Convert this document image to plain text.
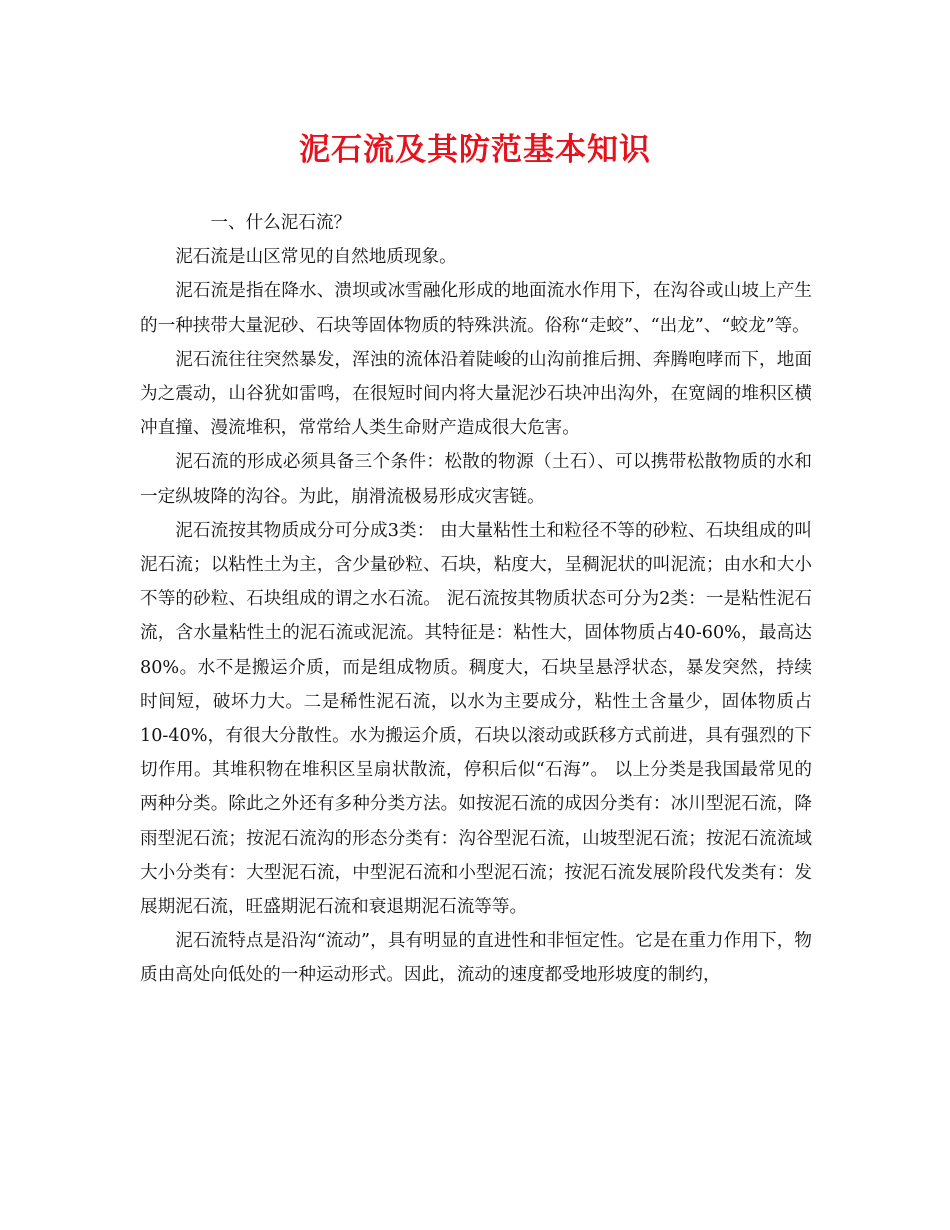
泥石流及其防范基本知识

一、什么泥石流？

泥石流是山区常见的自然地质现象。

泥石流是指在降水、溃坝或冰雪融化形成的地面流水作用下，在沟谷或山坡上产生的一种挟带大量泥砂、石块等固体物质的特殊洪流。俗称“走蛟”、“出龙”、“蛟龙”等。

泥石流往往突然暴发，浑浊的流体沿着陡峻的山沟前推后拥、奔腾咆哮而下，地面为之震动，山谷犹如雷鸣，在很短时间内将大量泥沙石块冲出沟外，在宽阔的堆积区横冲直撞、漫流堆积，常常给人类生命财产造成很大危害。

泥石流的形成必须具备三个条件：松散的物源（土石）、可以携带松散物质的水和一定纵坡降的沟谷。为此，崩滑流极易形成灾害链。

泥石流按其物质成分可分成3类： 由大量粘性土和粒径不等的砂粒、石块组成的叫泥石流；以粘性土为主，含少量砂粒、石块，粘度大，呈稠泥状的叫泥流；由水和大小不等的砂粒、石块组成的谓之水石流。 泥石流按其物质状态可分为2类：一是粘性泥石流，含水量粘性土的泥石流或泥流。其特征是：粘性大，固体物质占40-60%，最高达80%。水不是搬运介质，而是组成物质。稠度大，石块呈悬浮状态，暴发突然，持续时间短，破坏力大。二是稀性泥石流，以水为主要成分，粘性土含量少，固体物质占10-40%，有很大分散性。水为搬运介质，石块以滚动或跃移方式前进，具有强烈的下切作用。其堆积物在堆积区呈扇状散流，停积后似“石海”。 以上分类是我国最常见的两种分类。除此之外还有多种分类方法。如按泥石流的成因分类有：冰川型泥石流，降雨型泥石流；按泥石流沟的形态分类有：沟谷型泥石流，山坡型泥石流；按泥石流流域大小分类有：大型泥石流，中型泥石流和小型泥石流；按泥石流发展阶段代发类有：发展期泥石流，旺盛期泥石流和衰退期泥石流等等。

泥石流特点是沿沟“流动”，具有明显的直进性和非恒定性。它是在重力作用下，物质由高处向低处的一种运动形式。因此，流动的速度都受地形坡度的制约，
